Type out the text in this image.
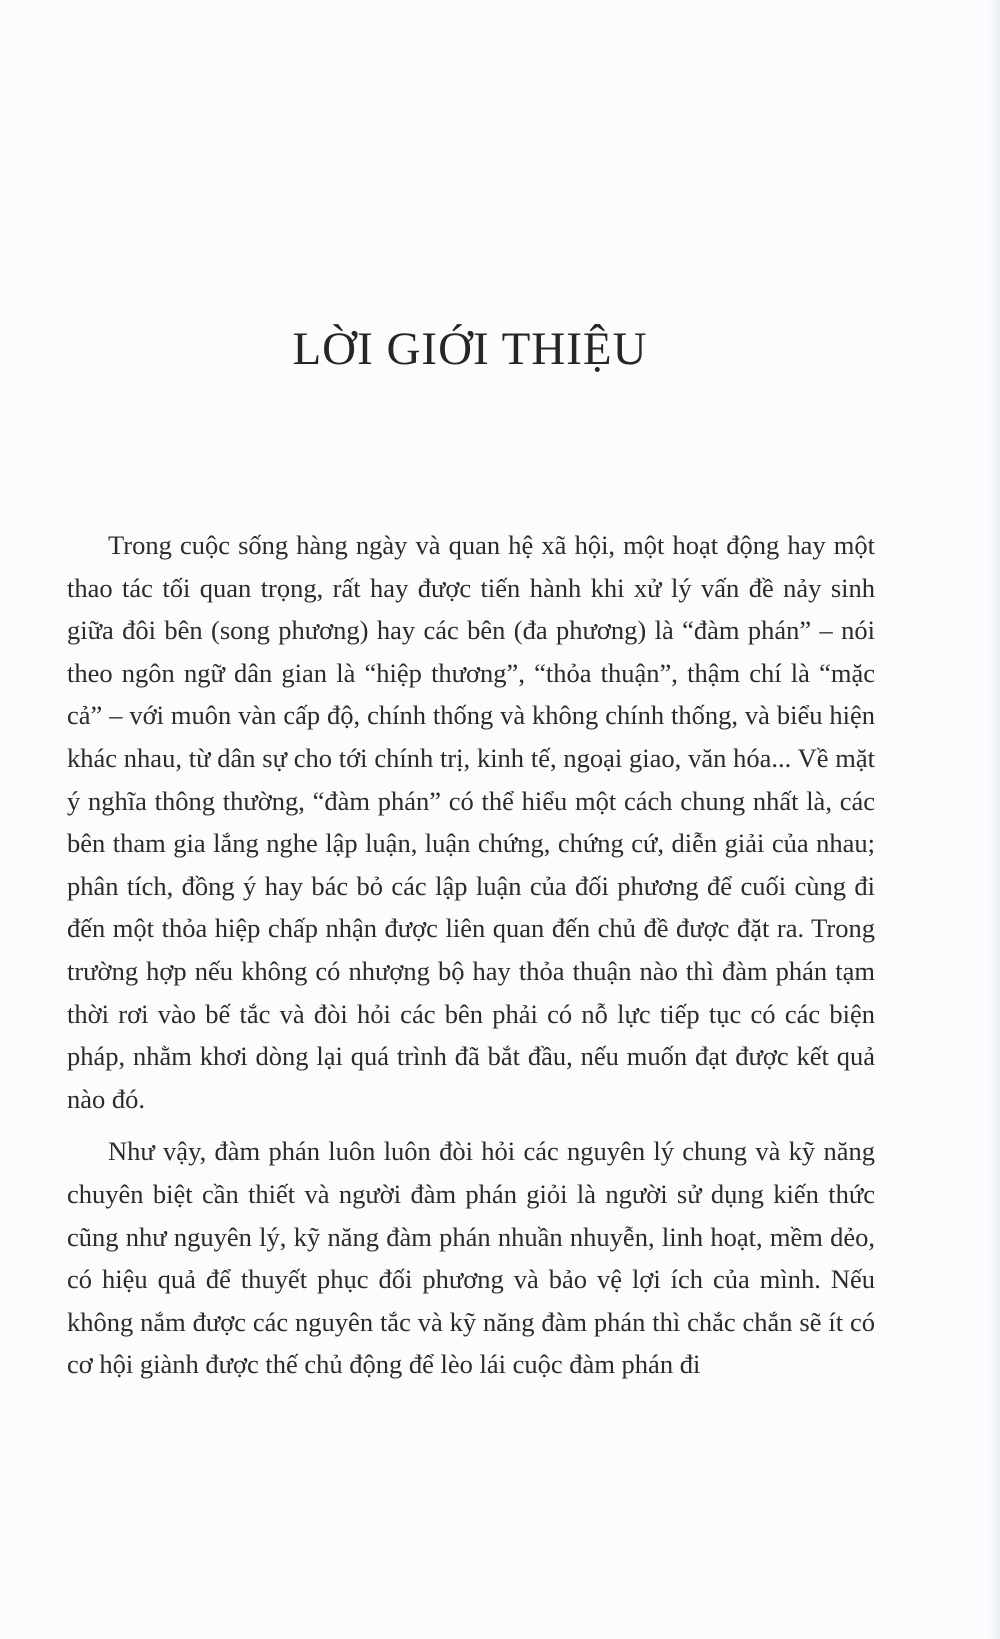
LỜI GIỚI THIỆU

Trong cuộc sống hàng ngày và quan hệ xã hội, một hoạt động hay một thao tác tối quan trọng, rất hay được tiến hành khi xử lý vấn đề nảy sinh giữa đôi bên (song phương) hay các bên (đa phương) là “đàm phán” – nói theo ngôn ngữ dân gian là “hiệp thương”, “thỏa thuận”, thậm chí là “mặc cả” – với muôn vàn cấp độ, chính thống và không chính thống, và biểu hiện khác nhau, từ dân sự cho tới chính trị, kinh tế, ngoại giao, văn hóa... Về mặt ý nghĩa thông thường, “đàm phán” có thể hiểu một cách chung nhất là, các bên tham gia lắng nghe lập luận, luận chứng, chứng cứ, diễn giải của nhau; phân tích, đồng ý hay bác bỏ các lập luận của đối phương để cuối cùng đi đến một thỏa hiệp chấp nhận được liên quan đến chủ đề được đặt ra. Trong trường hợp nếu không có nhượng bộ hay thỏa thuận nào thì đàm phán tạm thời rơi vào bế tắc và đòi hỏi các bên phải có nỗ lực tiếp tục có các biện pháp, nhằm khơi dòng lại quá trình đã bắt đầu, nếu muốn đạt được kết quả nào đó.

Như vậy, đàm phán luôn luôn đòi hỏi các nguyên lý chung và kỹ năng chuyên biệt cần thiết và người đàm phán giỏi là người sử dụng kiến thức cũng như nguyên lý, kỹ năng đàm phán nhuần nhuyễn, linh hoạt, mềm dẻo, có hiệu quả để thuyết phục đối phương và bảo vệ lợi ích của mình. Nếu không nắm được các nguyên tắc và kỹ năng đàm phán thì chắc chắn sẽ ít có cơ hội giành được thế chủ động để lèo lái cuộc đàm phán đi
